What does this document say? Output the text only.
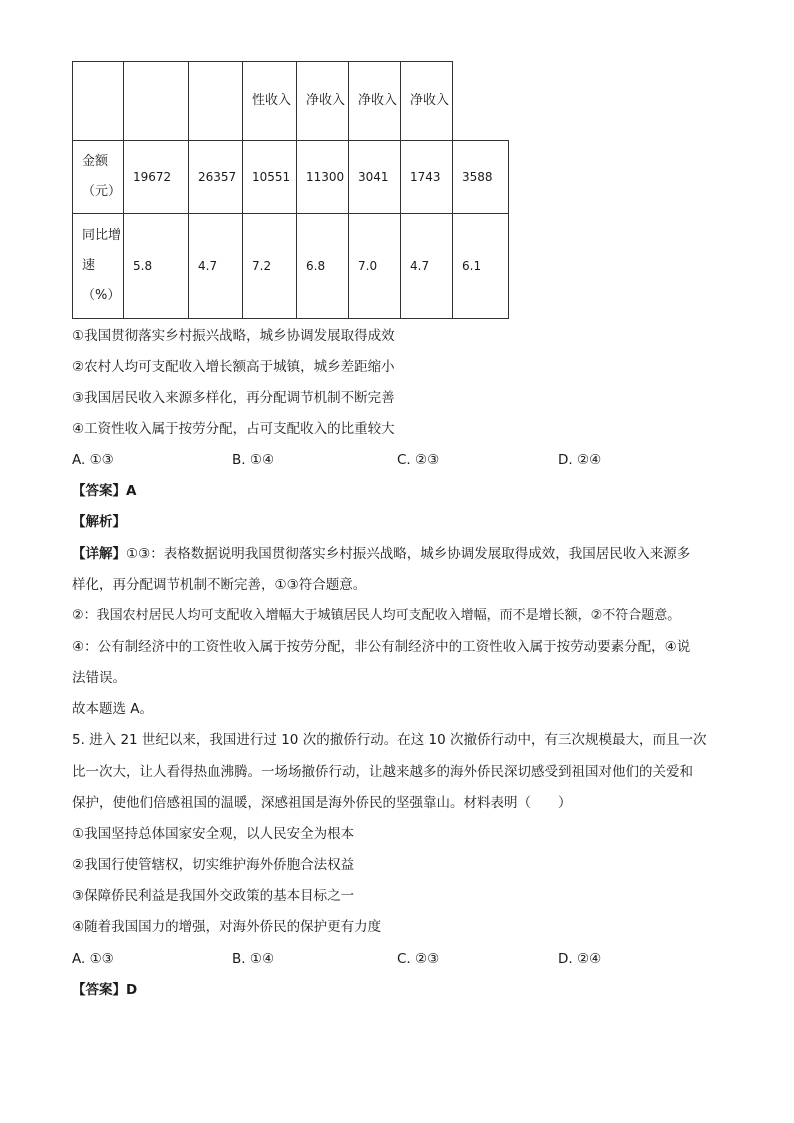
			性收入	净收入	净收入	净收入	

金额（元）	19672	26357	10551	11300	3041	1743	3588

同比增速（%）	5.8	4.7	7.2	6.8	7.0	4.7	6.1
①我国贯彻落实乡村振兴战略，城乡协调发展取得成效
②农村人均可支配收入增长额高于城镇，城乡差距缩小
③我国居民收入来源多样化，再分配调节机制不断完善
④工资性收入属于按劳分配，占可支配收入的比重较大
A. ①③	B. ①④	C. ②③	D. ②④
【答案】A
【解析】
【详解】①③：表格数据说明我国贯彻落实乡村振兴战略，城乡协调发展取得成效，我国居民收入来源多
样化，再分配调节机制不断完善，①③符合题意。
②：我国农村居民人均可支配收入增幅大于城镇居民人均可支配收入增幅，而不是增长额，②不符合题意。
④：公有制经济中的工资性收入属于按劳分配，非公有制经济中的工资性收入属于按劳动要素分配，④说
法错误。
故本题选 A。
5. 进入 21 世纪以来，我国进行过 10 次的撤侨行动。在这 10 次撤侨行动中，有三次规模最大，而且一次
比一次大，让人看得热血沸腾。一场场撤侨行动，让越来越多的海外侨民深切感受到祖国对他们的关爱和
保护，使他们倍感祖国的温暖，深感祖国是海外侨民的坚强靠山。材料表明（　　）
①我国坚持总体国家安全观，以人民安全为根本
②我国行使管辖权，切实维护海外侨胞合法权益
③保障侨民利益是我国外交政策的基本目标之一
④随着我国国力的增强，对海外侨民的保护更有力度
A. ①③	B. ①④	C. ②③	D. ②④
【答案】D
